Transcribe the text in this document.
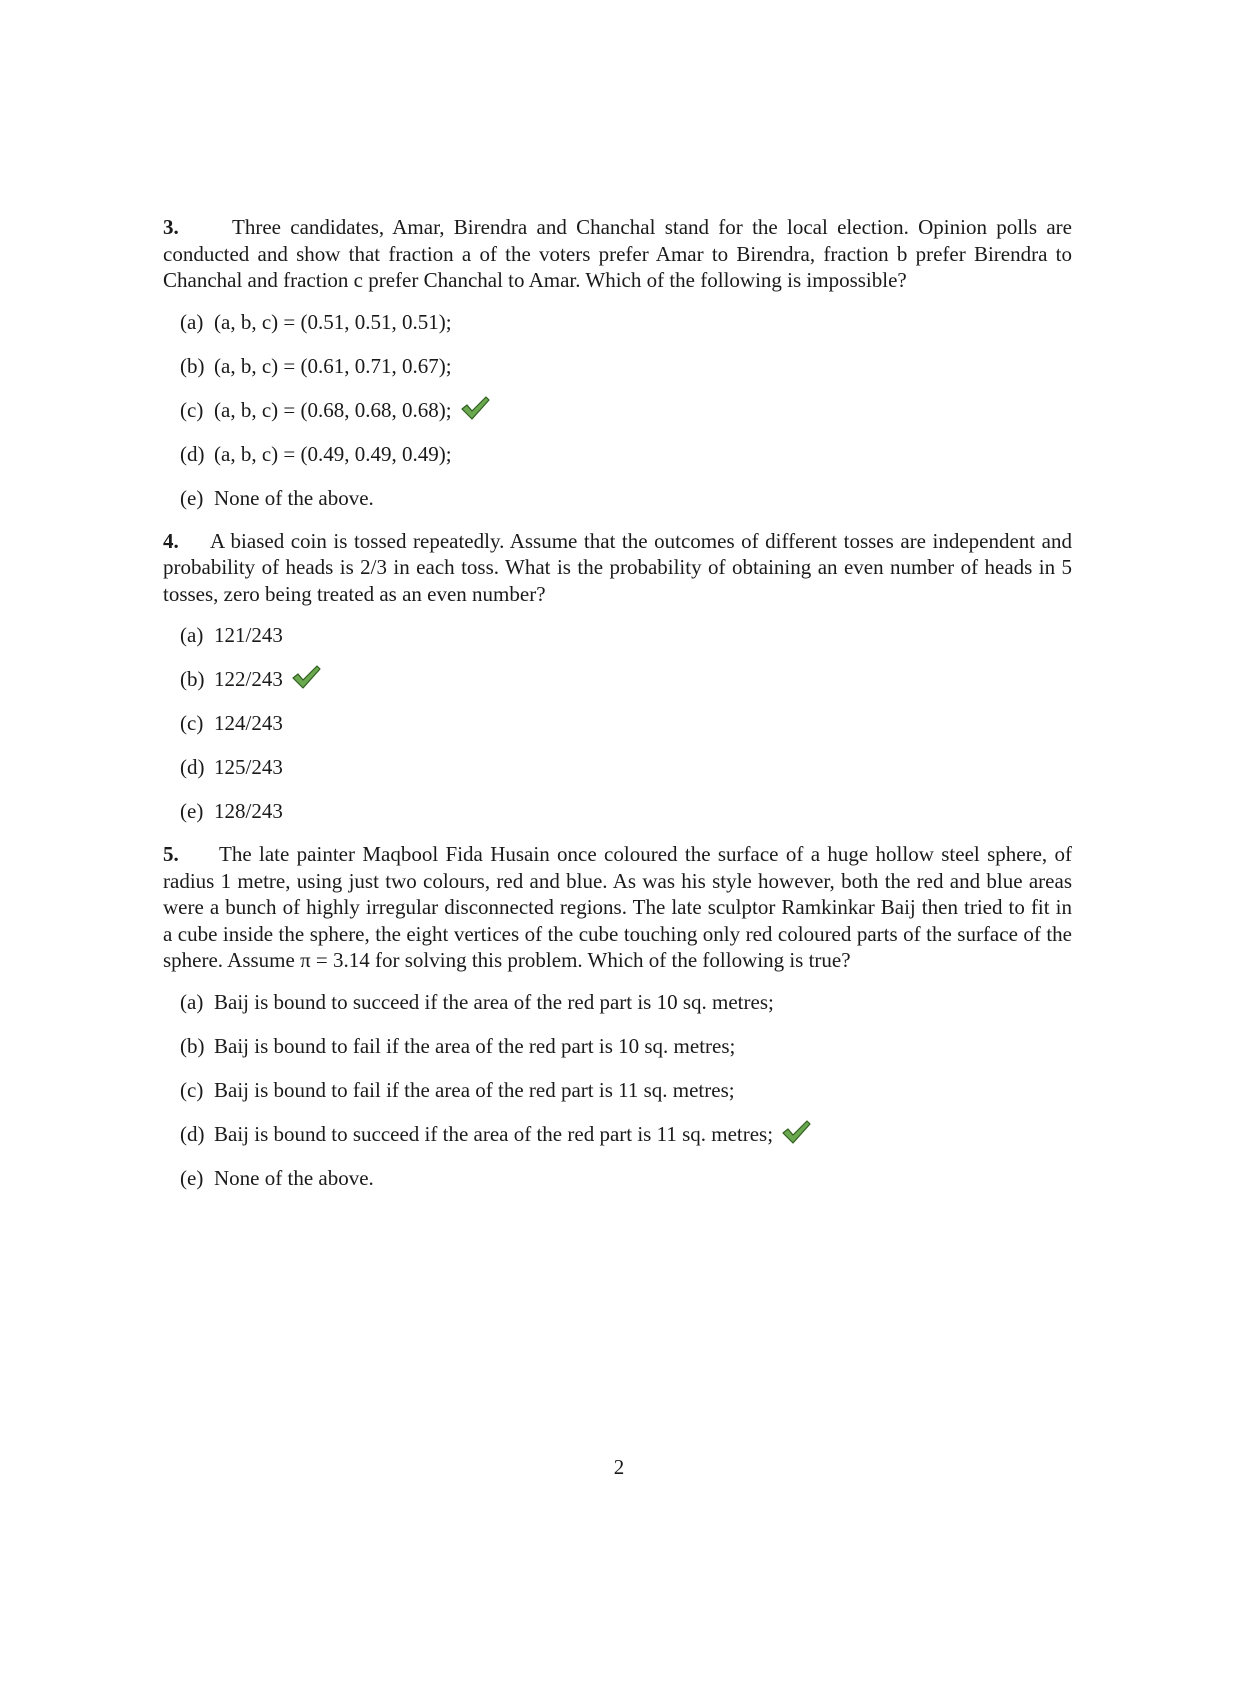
3.	Three candidates, Amar, Birendra and Chanchal stand for the local election. Opinion polls are conducted and show that fraction a of the voters prefer Amar to Birendra, fraction b prefer Birendra to Chanchal and fraction c prefer Chanchal to Amar. Which of the following is impossible?

(a) (a, b, c) = (0.51, 0.51, 0.51);
(b) (a, b, c) = (0.61, 0.71, 0.67);
(c) (a, b, c) = (0.68, 0.68, 0.68);
(d) (a, b, c) = (0.49, 0.49, 0.49);
(e) None of the above.

4. A biased coin is tossed repeatedly. Assume that the outcomes of different tosses are independent and probability of heads is 2/3 in each toss. What is the probability of obtaining an even number of heads in 5 tosses, zero being treated as an even number?

(a) 121/243
(b) 122/243
(c) 124/243
(d) 125/243
(e) 128/243

5. The late painter Maqbool Fida Husain once coloured the surface of a huge hollow steel sphere, of radius 1 metre, using just two colours, red and blue. As was his style however, both the red and blue areas were a bunch of highly irregular disconnected regions. The late sculptor Ramkinkar Baij then tried to fit in a cube inside the sphere, the eight vertices of the cube touching only red coloured parts of the surface of the sphere. Assume π = 3.14 for solving this problem. Which of the following is true?

(a) Baij is bound to succeed if the area of the red part is 10 sq. metres;
(b) Baij is bound to fail if the area of the red part is 10 sq. metres;
(c) Baij is bound to fail if the area of the red part is 11 sq. metres;
(d) Baij is bound to succeed if the area of the red part is 11 sq. metres;
(e) None of the above.
2
